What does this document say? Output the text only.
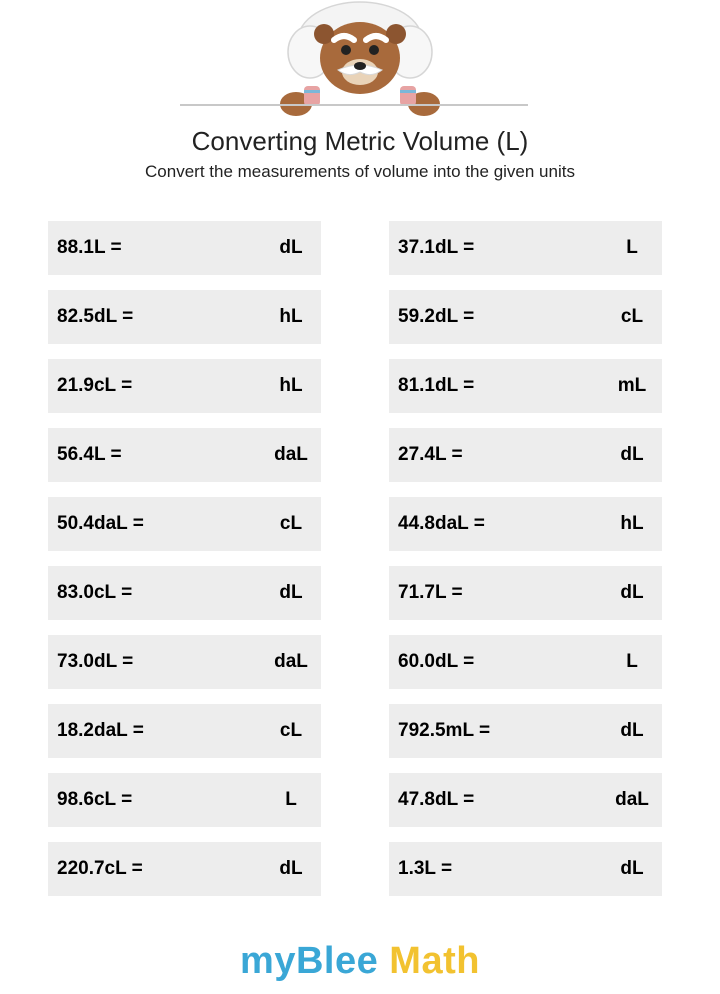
Converting Metric Volume (L)
Convert the measurements of volume into the given units
88.1L =	dL	37.1dL =	L
82.5dL =	hL	59.2dL =	cL
21.9cL =	hL	81.1dL =	mL
56.4L =	daL	27.4L =	dL
50.4daL =	cL	44.8daL =	hL
83.0cL =	dL	71.7L =	dL
73.0dL =	daL	60.0dL =	L
18.2daL =	cL	792.5mL =	dL
98.6cL =	L	47.8dL =	daL
220.7cL =	dL	1.3L =	dL
myBlee Math
